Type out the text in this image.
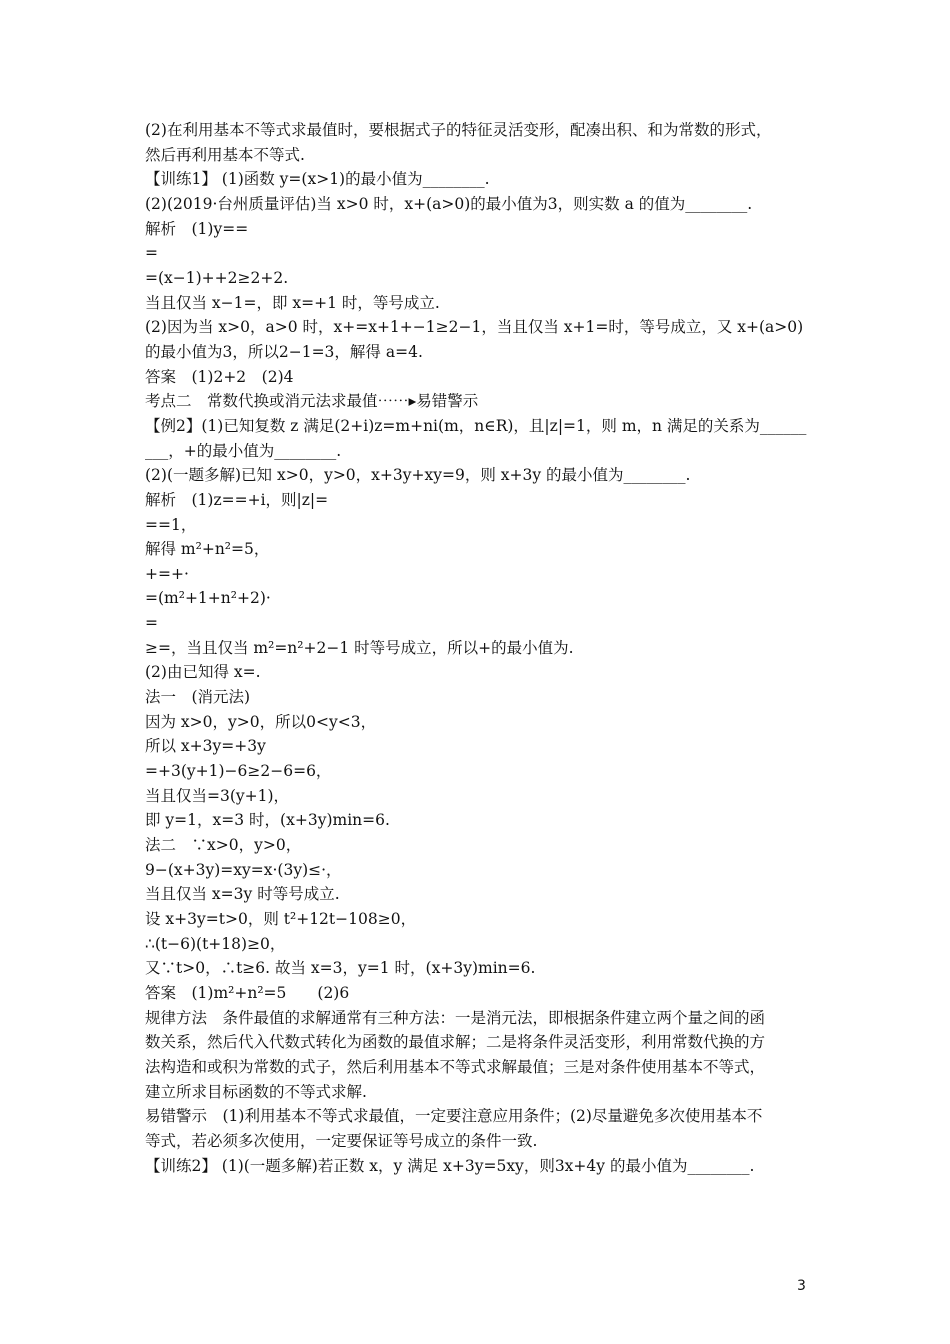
(2)在利用基本不等式求最值时，要根据式子的特征灵活变形，配凑出积、和为常数的形式，
然后再利用基本不等式.
【训练1】 (1)函数 y=(x>1)的最小值为________.
(2)(2019·台州质量评估)当 x>0 时，x+(a>0)的最小值为3，则实数 a 的值为________.
解析　(1)y==
=
=(x−1)++2≥2+2.
当且仅当 x−1=，即 x=+1 时，等号成立.
(2)因为当 x>0，a>0 时，x+=x+1+−1≥2−1，当且仅当 x+1=时，等号成立，又 x+(a>0)
的最小值为3，所以2−1=3，解得 a=4.
答案　(1)2+2　(2)4
考点二　常数代换或消元法求最值⋯⋯▸易错警示
【例2】(1)已知复数 z 满足(2+i)z=m+ni(m，n∈R)，且|z|=1，则 m，n 满足的关系为______
___，+的最小值为________.
(2)(一题多解)已知 x>0，y>0，x+3y+xy=9，则 x+3y 的最小值为________.
解析　(1)z==+i，则|z|=
==1，
解得 m²+n²=5，
+=+·
=(m²+1+n²+2)·
=
≥=，当且仅当 m²=n²+2−1 时等号成立，所以+的最小值为.
(2)由已知得 x=.
法一　(消元法)
因为 x>0，y>0，所以0<y<3，
所以 x+3y=+3y
=+3(y+1)−6≥2−6=6，
当且仅当=3(y+1)，
即 y=1，x=3 时，(x+3y)min=6.
法二　∵x>0，y>0，
9−(x+3y)=xy=x·(3y)≤·，
当且仅当 x=3y 时等号成立.
设 x+3y=t>0，则 t²+12t−108≥0，
∴(t−6)(t+18)≥0，
又∵t>0，∴t≥6. 故当 x=3，y=1 时，(x+3y)min=6.
答案　(1)m²+n²=5　　(2)6
规律方法　条件最值的求解通常有三种方法：一是消元法，即根据条件建立两个量之间的函
数关系，然后代入代数式转化为函数的最值求解；二是将条件灵活变形，利用常数代换的方
法构造和或积为常数的式子，然后利用基本不等式求解最值；三是对条件使用基本不等式，
建立所求目标函数的不等式求解.
易错警示　(1)利用基本不等式求最值，一定要注意应用条件；(2)尽量避免多次使用基本不
等式，若必须多次使用，一定要保证等号成立的条件一致.
【训练2】 (1)(一题多解)若正数 x，y 满足 x+3y=5xy，则3x+4y 的最小值为________.
3
